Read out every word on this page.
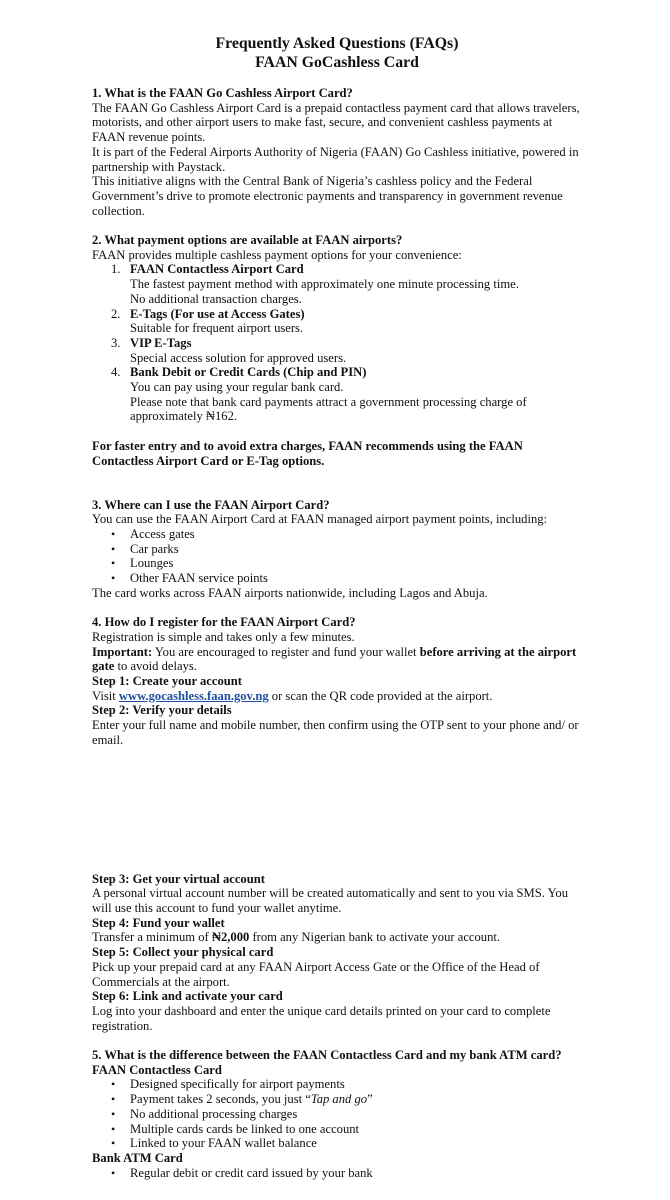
Frequently Asked Questions (FAQs)
FAAN GoCashless Card

1. What is the FAAN Go Cashless Airport Card?

The FAAN Go Cashless Airport Card is a prepaid contactless payment card that allows travelers, motorists, and other airport users to make fast, secure, and convenient cashless payments at FAAN revenue points.

It is part of the Federal Airports Authority of Nigeria (FAAN) Go Cashless initiative, powered in partnership with Paystack.

This initiative aligns with the Central Bank of Nigeria’s cashless policy and the Federal Government’s drive to promote electronic payments and transparency in government revenue collection.

2. What payment options are available at FAAN airports?

FAAN provides multiple cashless payment options for your convenience:

1. FAAN Contactless Airport Card
The fastest payment method with approximately one minute processing time.
No additional transaction charges.
2. E-Tags (For use at Access Gates)
Suitable for frequent airport users.
3. VIP E-Tags
Special access solution for approved users.
4. Bank Debit or Credit Cards (Chip and PIN)
You can pay using your regular bank card.
Please note that bank card payments attract a government processing charge of approximately ₦162.

For faster entry and to avoid extra charges, FAAN recommends using the FAAN Contactless Airport Card or E-Tag options.

3. Where can I use the FAAN Airport Card?

You can use the FAAN Airport Card at FAAN managed airport payment points, including:

• Access gates
• Car parks
• Lounges
• Other FAAN service points

The card works across FAAN airports nationwide, including Lagos and Abuja.

4. How do I register for the FAAN Airport Card?

Registration is simple and takes only a few minutes.

Important: You are encouraged to register and fund your wallet before arriving at the airport gate to avoid delays.

Step 1: Create your account

Visit www.gocashless.faan.gov.ng or scan the QR code provided at the airport.

Step 2: Verify your details

Enter your full name and mobile number, then confirm using the OTP sent to your phone and/ or email.

Step 3: Get your virtual account

A personal virtual account number will be created automatically and sent to you via SMS. You will use this account to fund your wallet anytime.

Step 4: Fund your wallet

Transfer a minimum of ₦2,000 from any Nigerian bank to activate your account.

Step 5: Collect your physical card

Pick up your prepaid card at any FAAN Airport Access Gate or the Office of the Head of Commercials at the airport.

Step 6: Link and activate your card

Log into your dashboard and enter the unique card details printed on your card to complete registration.

5. What is the difference between the FAAN Contactless Card and my bank ATM card?

FAAN Contactless Card

• Designed specifically for airport payments
• Payment takes 2 seconds, you just “Tap and go”
• No additional processing charges
• Multiple cards cards be linked to one account
• Linked to your FAAN wallet balance

Bank ATM Card

• Regular debit or credit card issued by your bank
